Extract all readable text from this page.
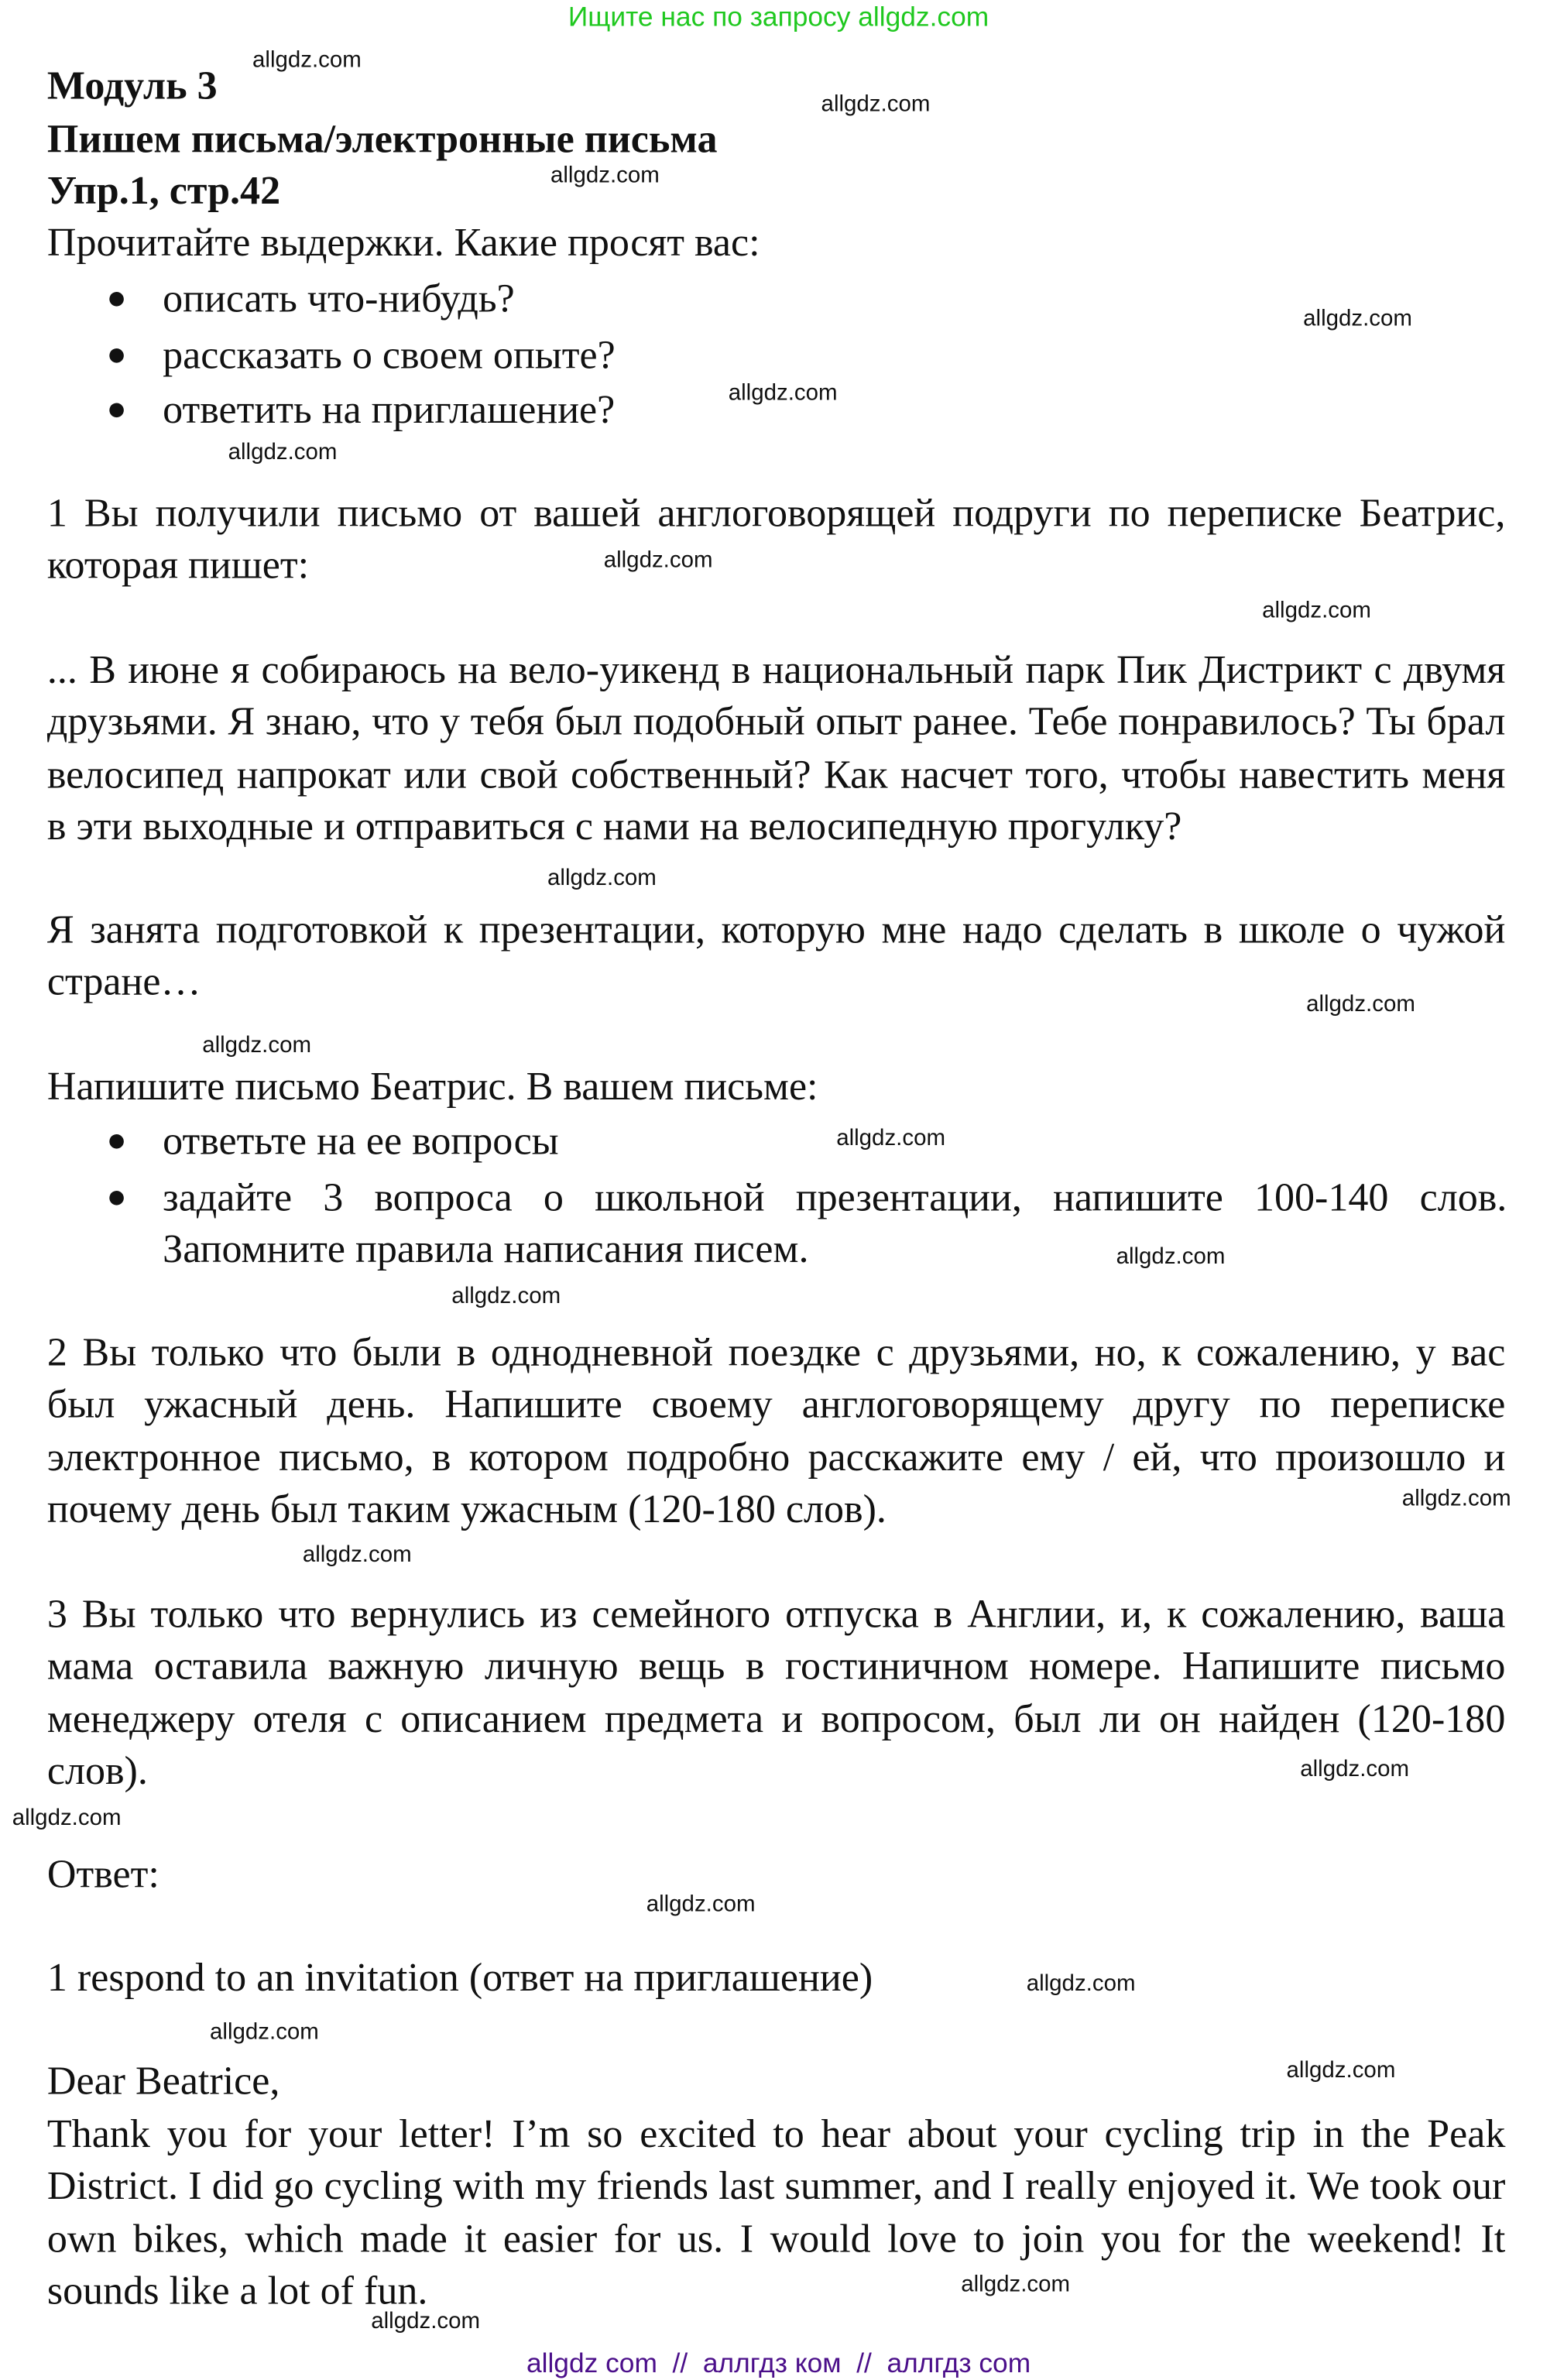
Ищите нас по запросу allgdz.com
Модуль 3
Пишем письма/электронные письма
Упр.1, стр.42
Прочитайте выдержки. Какие просят вас:
● описать что-нибудь?
● рассказать о своем опыте?
● ответить на приглашение?
1 Вы получили письмо от вашей англоговорящей подруги по переписке Беатрис, которая пишет:
... В июне я собираюсь на вело-уикенд в национальный парк Пик Дистрикт с двумя друзьями. Я знаю, что у тебя был подобный опыт ранее. Тебе понравилось? Ты брал велосипед напрокат или свой собственный? Как насчет того, чтобы навестить меня в эти выходные и отправиться с нами на велосипедную прогулку?
Я занята подготовкой к презентации, которую мне надо сделать в школе о чужой стране…
Напишите письмо Беатрис. В вашем письме:
● ответьте на ее вопросы
● задайте 3 вопроса о школьной презентации, напишите 100-140 слов. Запомните правила написания писем.
2 Вы только что были в однодневной поездке с друзьями, но, к сожалению, у вас был ужасный день. Напишите своему англоговорящему другу по переписке электронное письмо, в котором подробно расскажите ему / ей, что произошло и почему день был таким ужасным (120-180 слов).
3 Вы только что вернулись из семейного отпуска в Англии, и, к сожалению, ваша мама оставила важную личную вещь в гостиничном номере. Напишите письмо менеджеру отеля с описанием предмета и вопросом, был ли он найден (120-180 слов).
Ответ:
1 respond to an invitation (ответ на приглашение)
Dear Beatrice,
Thank you for your letter! I’m so excited to hear about your cycling trip in the Peak District. I did go cycling with my friends last summer, and I really enjoyed it. We took our own bikes, which made it easier for us. I would love to join you for the weekend! It sounds like a lot of fun.
allgdz.com
allgdz.com
allgdz.com
allgdz.com
allgdz.com
allgdz.com
allgdz.com
allgdz.com
allgdz.com
allgdz.com
allgdz.com
allgdz.com
allgdz.com
allgdz.com
allgdz.com
allgdz.com
allgdz.com
allgdz.com
allgdz.com
allgdz.com
allgdz.com
allgdz.com
allgdz.com
allgdz.com
allgdz com  //  аллгдз ком  //  аллгдз com
